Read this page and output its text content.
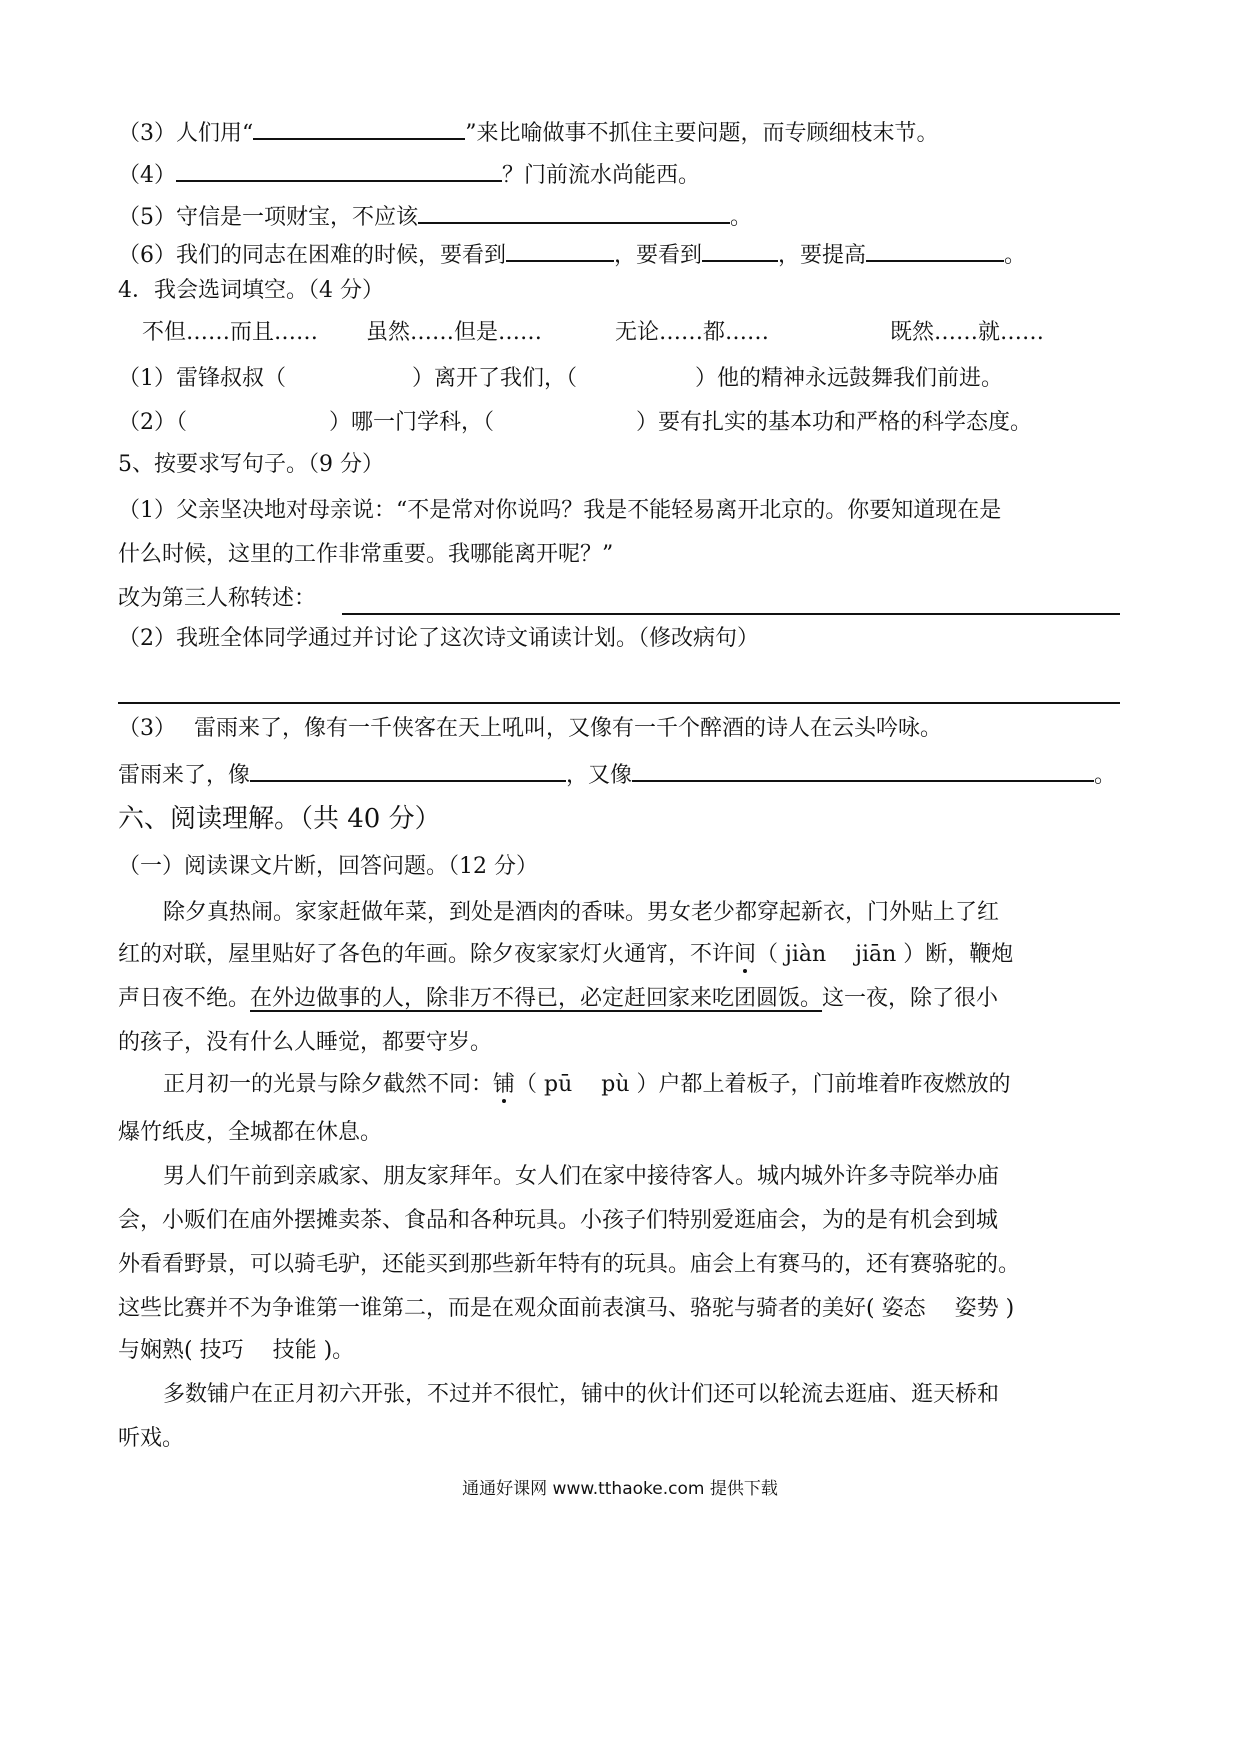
（3）人们用“	”来比喻做事不抓住主要问题，而专顾细枝末节。
（4）	？门前流水尚能西。
（5）守信是一项财宝，不应该	。
（6）我们的同志在困难的时候，要看到	，要看到	，要提高	。
4．我会选词填空。（4 分）
不但……而且…… 虽然……但是……	无论……都……	既然……就……
（1）雷锋叔叔（	）离开了我们，（	）他的精神永远鼓舞我们前进。
（2）（	）哪一门学科，（	）要有扎实的基本功和严格的科学态度。
5、按要求写句子。（9 分）
（1）父亲坚决地对母亲说：“不是常对你说吗？我是不能轻易离开北京的。你要知道现在是
什么时候，这里的工作非常重要。我哪能离开呢？”
改为第三人称转述：
（2）我班全体同学通过并讨论了这次诗文诵读计划。（修改病句）
（3） 雷雨来了，像有一千侠客在天上吼叫，又像有一千个醉酒的诗人在云头吟咏。
雷雨来了，像	，又像	。
六、阅读理解。（共 40 分）
（一）阅读课文片断，回答问题。（12 分）
除夕真热闹。家家赶做年菜，到处是酒肉的香味。男女老少都穿起新衣，门外贴上了红
红的对联，屋里贴好了各色的年画。除夕夜家家灯火通宵，不许间（ jiàn　 jiān ）断，鞭炮
声日夜不绝。在外边做事的人，除非万不得已，必定赶回家来吃团圆饭。这一夜，除了很小
的孩子，没有什么人睡觉，都要守岁。
正月初一的光景与除夕截然不同：铺（ pū　 pù ）户都上着板子，门前堆着昨夜燃放的
爆竹纸皮，全城都在休息。
男人们午前到亲戚家、朋友家拜年。女人们在家中接待客人。城内城外许多寺院举办庙
会，小贩们在庙外摆摊卖茶、食品和各种玩具。小孩子们特别爱逛庙会，为的是有机会到城
外看看野景，可以骑毛驴，还能买到那些新年特有的玩具。庙会上有赛马的，还有赛骆驼的。
这些比赛并不为争谁第一谁第二，而是在观众面前表演马、骆驼与骑者的美好( 姿态　 姿势 )
与娴熟( 技巧　 技能 )。
多数铺户在正月初六开张，不过并不很忙，铺中的伙计们还可以轮流去逛庙、逛天桥和
听戏。
通通好课网 www.tthaoke.com 提供下载
